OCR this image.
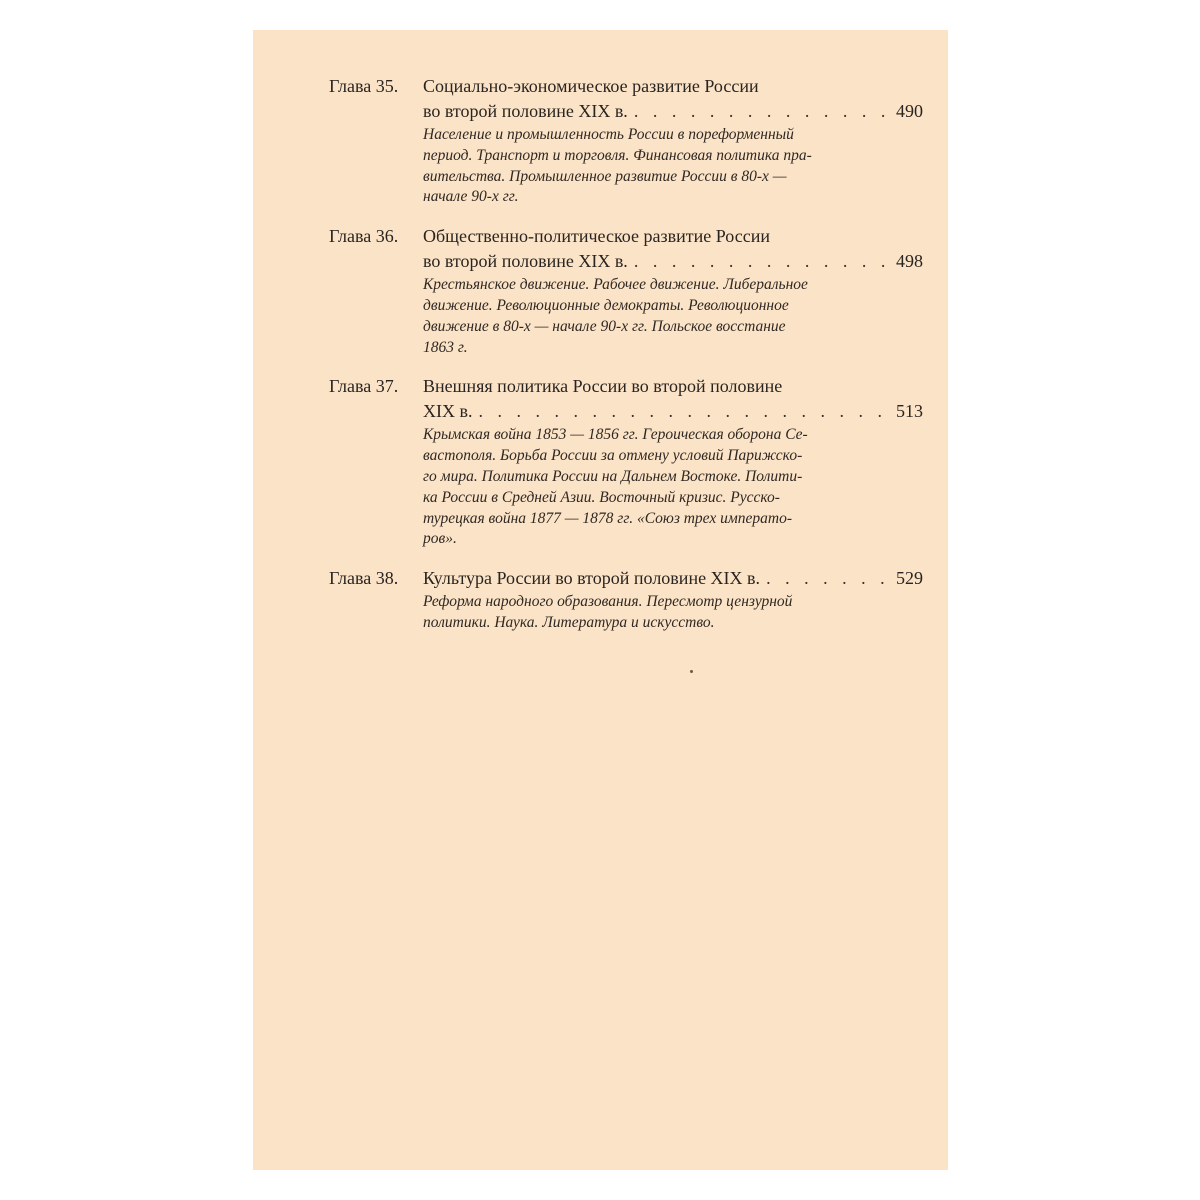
Глава 35. Социально-экономическое развитие России
во второй половине XIX в. . . .	490
Население и промышленность России в пореформенный
период. Транспорт и торговля. Финансовая политика пра-
вительства. Промышленное развитие России в 80-х —
начале 90-х гг.
Глава 36. Общественно-политическое развитие России
во второй половине XIX в. . . .	498
Крестьянское движение. Рабочее движение. Либеральное
движение. Революционные демократы. Революционное
движение в 80-х — начале 90-х гг. Польское восстание
1863 г.
Глава 37. Внешняя политика России во второй половине
XIX в. . . .	513
Крымская война 1853 — 1856 гг. Героическая оборона Се-
вастополя. Борьба России за отмену условий Парижско-
го мира. Политика России на Дальнем Востоке. Полити-
ка России в Средней Азии. Восточный кризис. Русско-
турецкая война 1877 — 1878 гг. «Союз трех императо-
ров».
Глава 38. Культура России во второй половине XIX в. . . .	529
Реформа народного образования. Пересмотр цензурной
политики. Наука. Литература и искусство.
